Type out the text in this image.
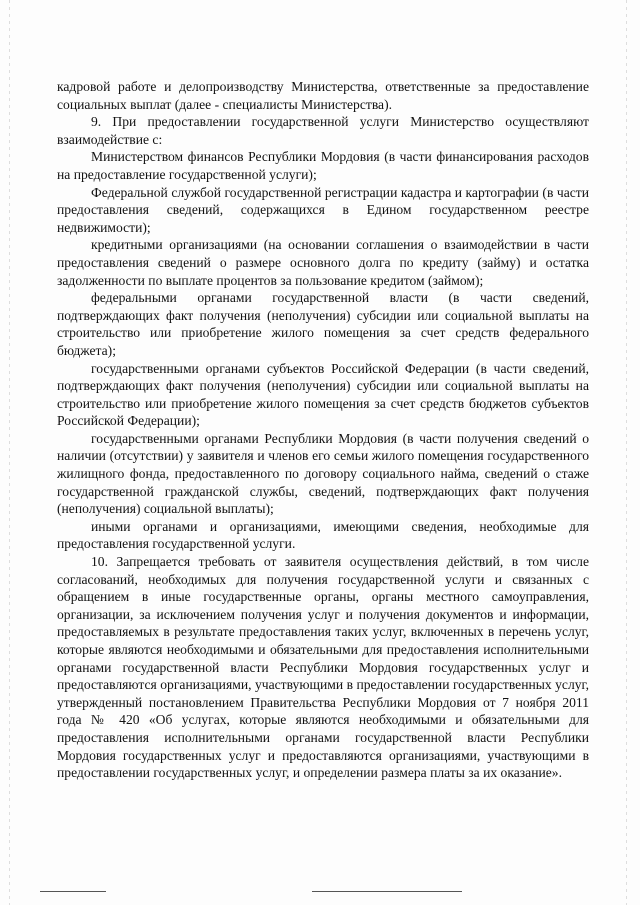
кадровой работе и делопроизводству Министерства, ответственные за предоставление социальных выплат (далее - специалисты Министерства).

9. При предоставлении государственной услуги Министерство осуществляют взаимодействие с:

Министерством финансов Республики Мордовия (в части финансирования расходов на предоставление государственной услуги);

Федеральной службой государственной регистрации кадастра и картографии (в части предоставления сведений, содержащихся в Едином государственном реестре недвижимости);

кредитными организациями (на основании соглашения о взаимодействии в части предоставления сведений о размере основного долга по кредиту (займу) и остатка задолженности по выплате процентов за пользование кредитом (займом);

федеральными органами государственной власти (в части сведений, подтверждающих факт получения (неполучения) субсидии или социальной выплаты на строительство или приобретение жилого помещения за счет средств федерального бюджета);

государственными органами субъектов Российской Федерации (в части сведений, подтверждающих факт получения (неполучения) субсидии или социальной выплаты на строительство или приобретение жилого помещения за счет средств бюджетов субъектов Российской Федерации);

государственными органами Республики Мордовия (в части получения сведений о наличии (отсутствии) у заявителя и членов его семьи жилого помещения государственного жилищного фонда, предоставленного по договору социального найма, сведений о стаже государственной гражданской службы, сведений, подтверждающих факт получения (неполучения) социальной выплаты);

иными органами и организациями, имеющими сведения, необходимые для предоставления государственной услуги.

10. Запрещается требовать от заявителя осуществления действий, в том числе согласований, необходимых для получения государственной услуги и связанных с обращением в иные государственные органы, органы местного самоуправления, организации, за исключением получения услуг и получения документов и информации, предоставляемых в результате предоставления таких услуг, включенных в перечень услуг, которые являются необходимыми и обязательными для предоставления исполнительными органами государственной власти Республики Мордовия государственных услуг и предоставляются организациями, участвующими в предоставлении государственных услуг, утвержденный постановлением Правительства Республики Мордовия от 7 ноября 2011 года № 420 «Об услугах, которые являются необходимыми и обязательными для предоставления исполнительными органами государственной власти Республики Мордовия государственных услуг и предоставляются организациями, участвующими в предоставлении государственных услуг, и определении размера платы за их оказание».
